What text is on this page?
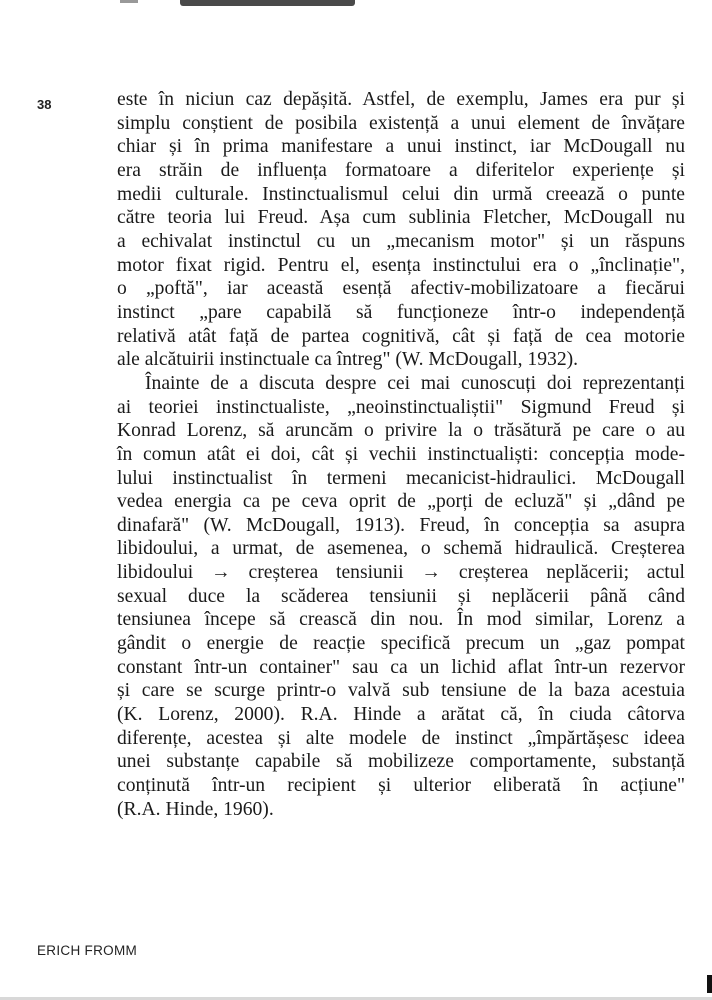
38	este în niciun caz depășită. Astfel, de exemplu, James era pur și
simplu conștient de posibila existență a unui element de învățare
chiar și în prima manifestare a unui instinct, iar McDougall nu
era străin de influența formatoare a diferitelor experiențe și
medii culturale. Instinctualismul celui din urmă creează o punte
către teoria lui Freud. Așa cum sublinia Fletcher, McDougall nu
a echivalat instinctul cu un „mecanism motor" și un răspuns
motor fixat rigid. Pentru el, esența instinctului era o „înclinație",
o „poftă", iar această esență afectiv-mobilizatoare a fiecărui
instinct „pare capabilă să funcționeze într-o independență
relativă atât față de partea cognitivă, cât și față de cea motorie
ale alcătuirii instinctuale ca întreg" (W. McDougall, 1932).
Înainte de a discuta despre cei mai cunoscuți doi reprezentanți
ai teoriei instinctualiste, „neoinstinctualiștii" Sigmund Freud și
Konrad Lorenz, să aruncăm o privire la o trăsătură pe care o au
în comun atât ei doi, cât și vechii instinctualiști: concepția mode-
lului instinctualist în termeni mecanicist-hidraulici. McDougall
vedea energia ca pe ceva oprit de „porți de ecluză" și „dând pe
dinafară" (W. McDougall, 1913). Freud, în concepția sa asupra
libidoului, a urmat, de asemenea, o schemă hidraulică. Creșterea
libidoului → creșterea tensiunii → creșterea neplăcerii; actul
sexual duce la scăderea tensiunii și neplăcerii până când
tensiunea începe să crească din nou. În mod similar, Lorenz a
gândit o energie de reacție specifică precum un „gaz pompat
constant într-un container" sau ca un lichid aflat într-un rezervor
și care se scurge printr-o valvă sub tensiune de la baza acestuia
(K. Lorenz, 2000). R.A. Hinde a arătat că, în ciuda câtorva
diferențe, acestea și alte modele de instinct „împărtășesc ideea
unei substanțe capabile să mobilizeze comportamente, substanță
conținută într-un recipient și ulterior eliberată în acțiune"
(R.A. Hinde, 1960).
ERICH FROMM
